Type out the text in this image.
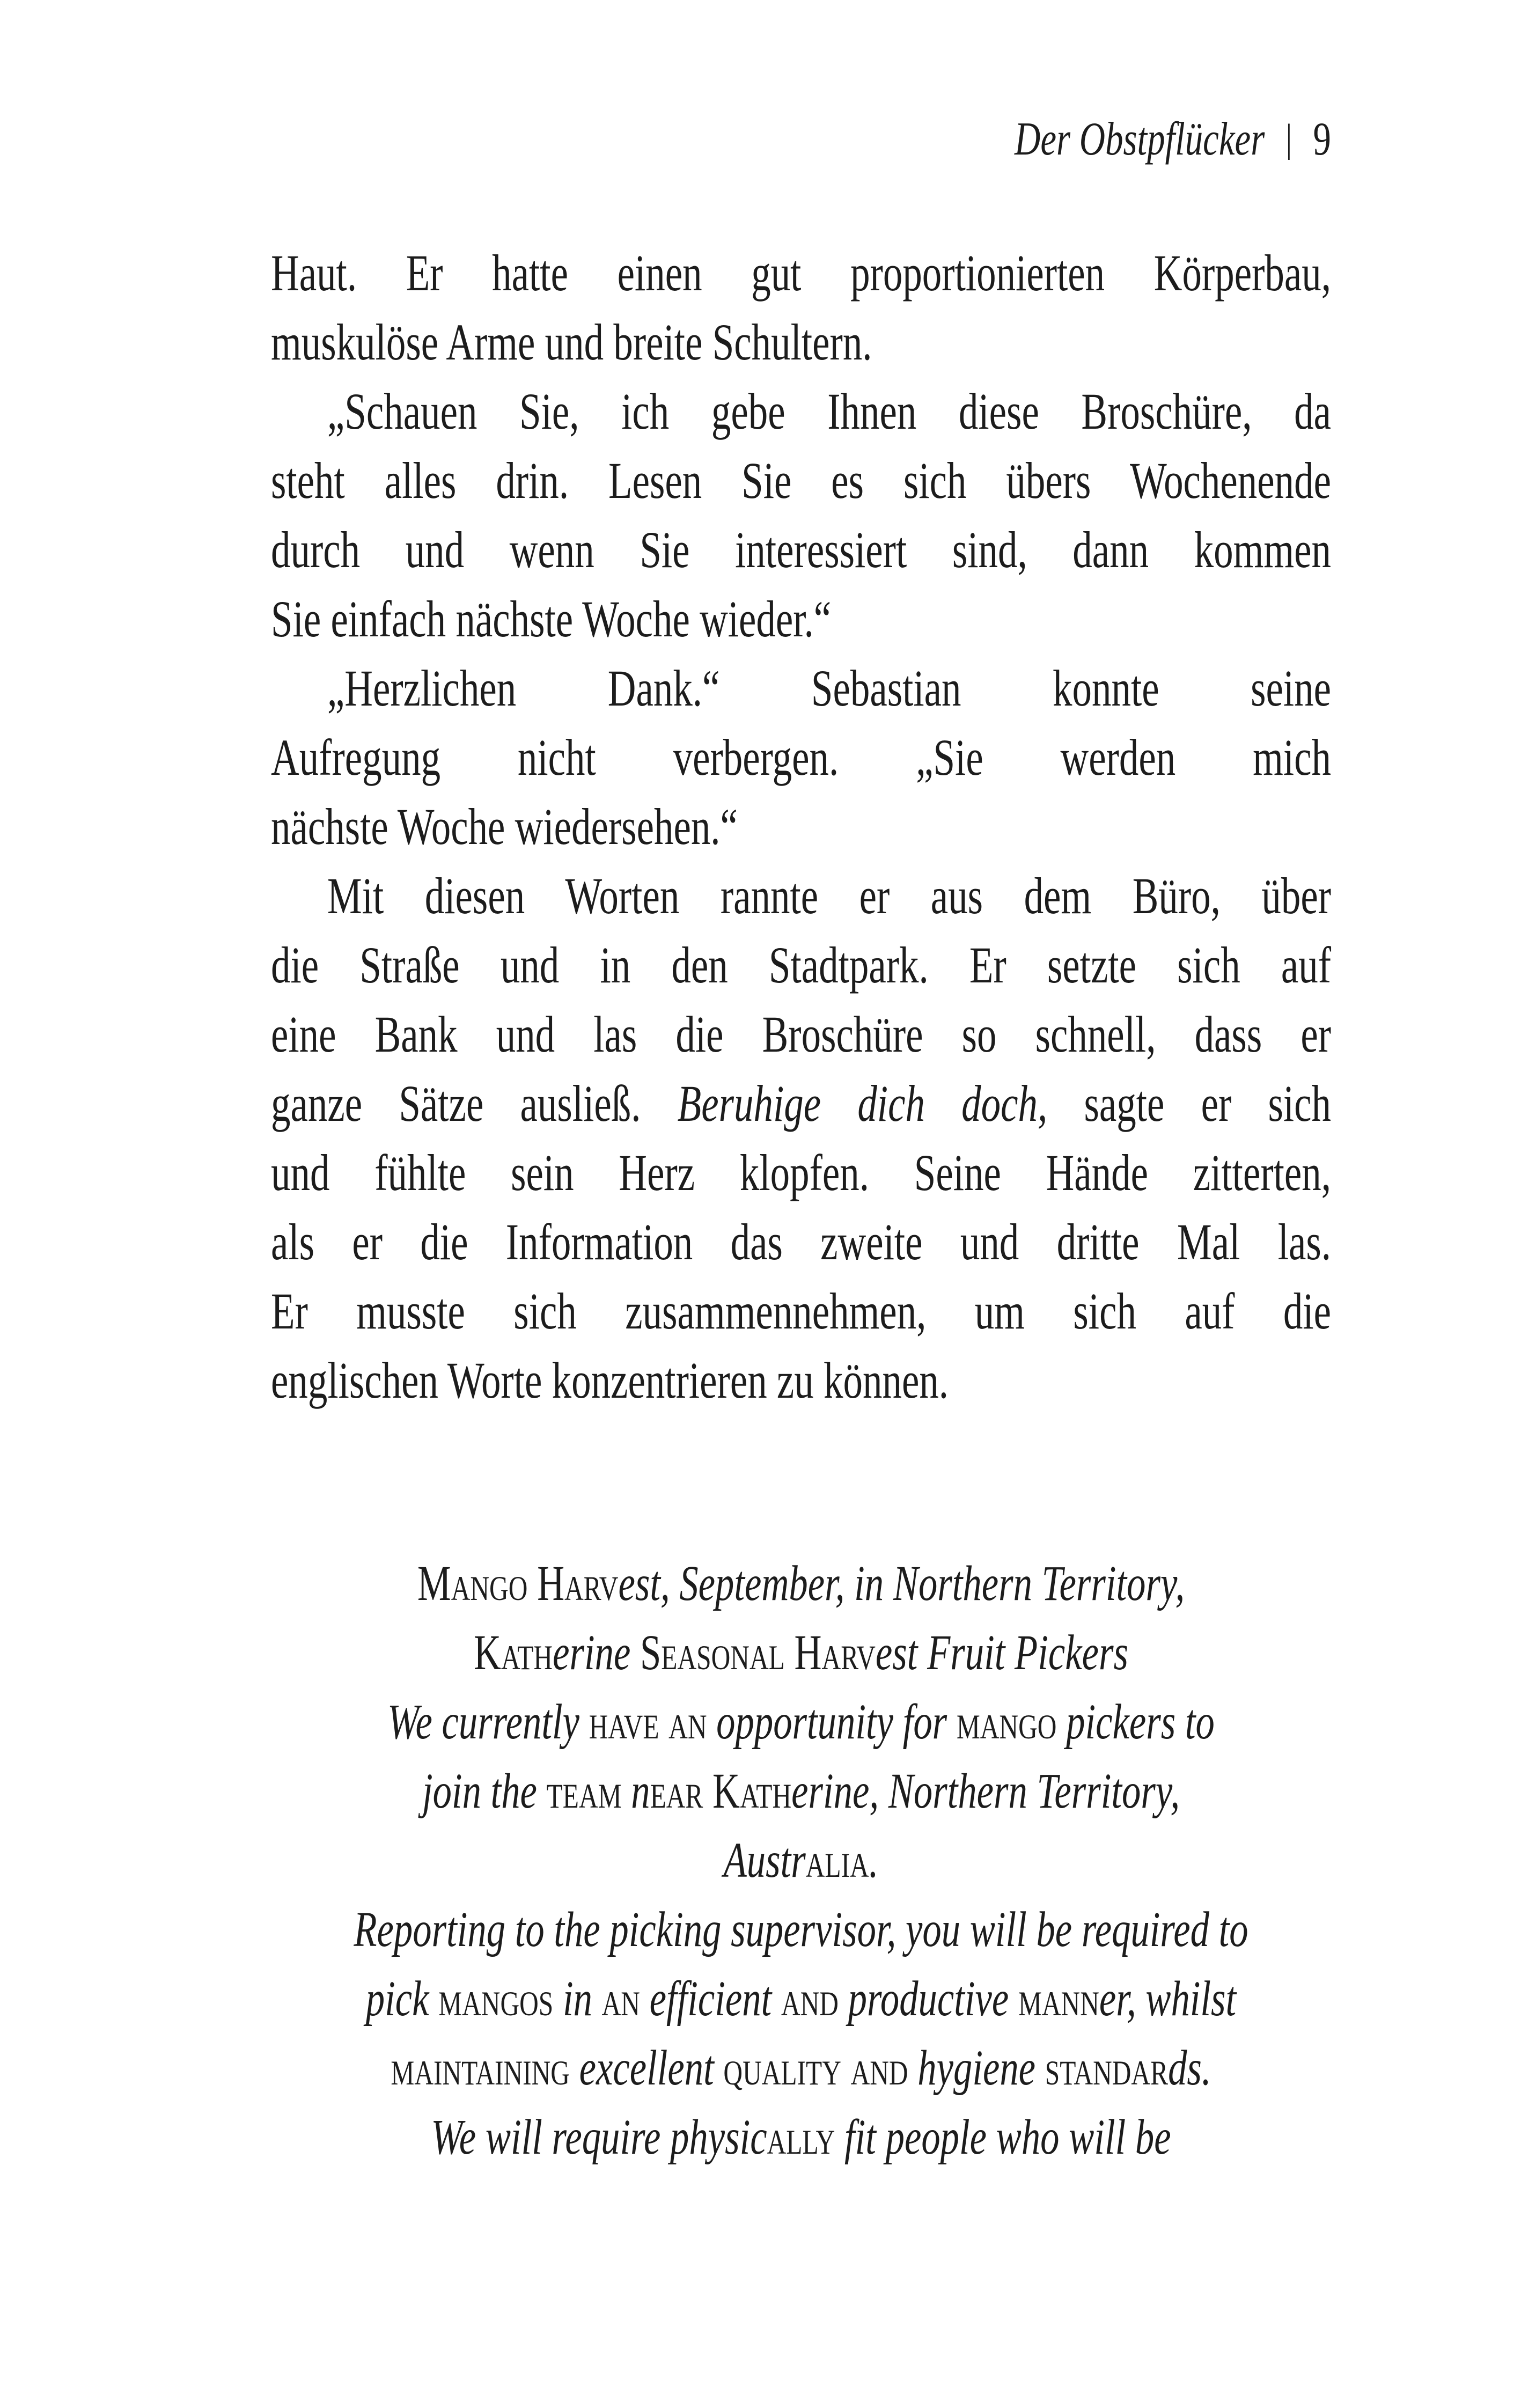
Der Obstpflücker | 9
Haut. Er hatte einen gut proportionierten Körperbau,
muskulöse Arme und breite Schultern.
„Schauen Sie, ich gebe Ihnen diese Broschüre, da
steht alles drin. Lesen Sie es sich übers Wochenende
durch und wenn Sie interessiert sind, dann kommen
Sie einfach nächste Woche wieder.“
„Herzlichen Dank.“ Sebastian konnte seine
Aufregung nicht verbergen. „Sie werden mich
nächste Woche wiedersehen.“
Mit diesen Worten rannte er aus dem Büro, über
die Straße und in den Stadtpark. Er setzte sich auf
eine Bank und las die Broschüre so schnell, dass er
ganze Sätze ausließ. Beruhige dich doch, sagte er sich
und fühlte sein Herz klopfen. Seine Hände zitterten,
als er die Information das zweite und dritte Mal las.
Er musste sich zusammennehmen, um sich auf die
englischen Worte konzentrieren zu können.
Mango Harvest, September, in Northern Territory,
Katherine Seasonal Harvest Fruit Pickers
We currently have an opportunity for mango pickers to
join the team near Katherine, Northern Territory,
Australia.
Reporting to the picking supervisor, you will be required to
pick mangos in an efficient and productive manner, whilst
maintaining excellent quality and hygiene standards.
We will require physically fit people who will be
